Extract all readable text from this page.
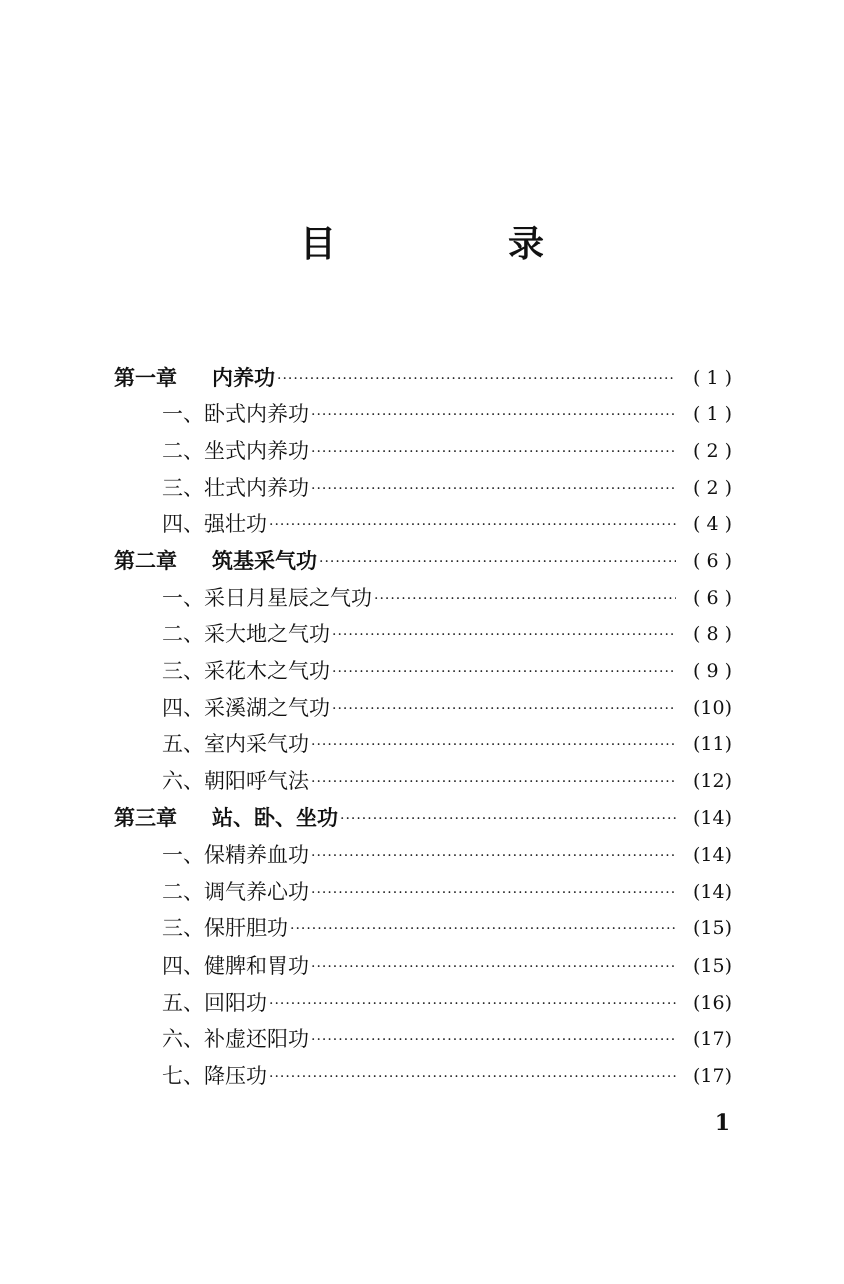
目　录
第一章	内养功 ·····	( 1 )
一、卧式内养功 ·····	( 1 )
二、坐式内养功 ·····	( 2 )
三、壮式内养功 ·····	( 2 )
四、强壮功 ·····	( 4 )
第二章	筑基采气功 ·····	( 6 )
一、采日月星辰之气功 ·····	( 6 )
二、采大地之气功 ·····	( 8 )
三、采花木之气功 ·····	( 9 )
四、采溪湖之气功 ·····	(10)
五、室内采气功 ·····	(11)
六、朝阳呼气法 ·····	(12)
第三章	站、卧、坐功 ·····	(14)
一、保精养血功 ·····	(14)
二、调气养心功 ·····	(14)
三、保肝胆功 ·····	(15)
四、健脾和胃功 ·····	(15)
五、回阳功 ·····	(16)
六、补虚还阳功 ·····	(17)
七、降压功 ·····	(17)
1
